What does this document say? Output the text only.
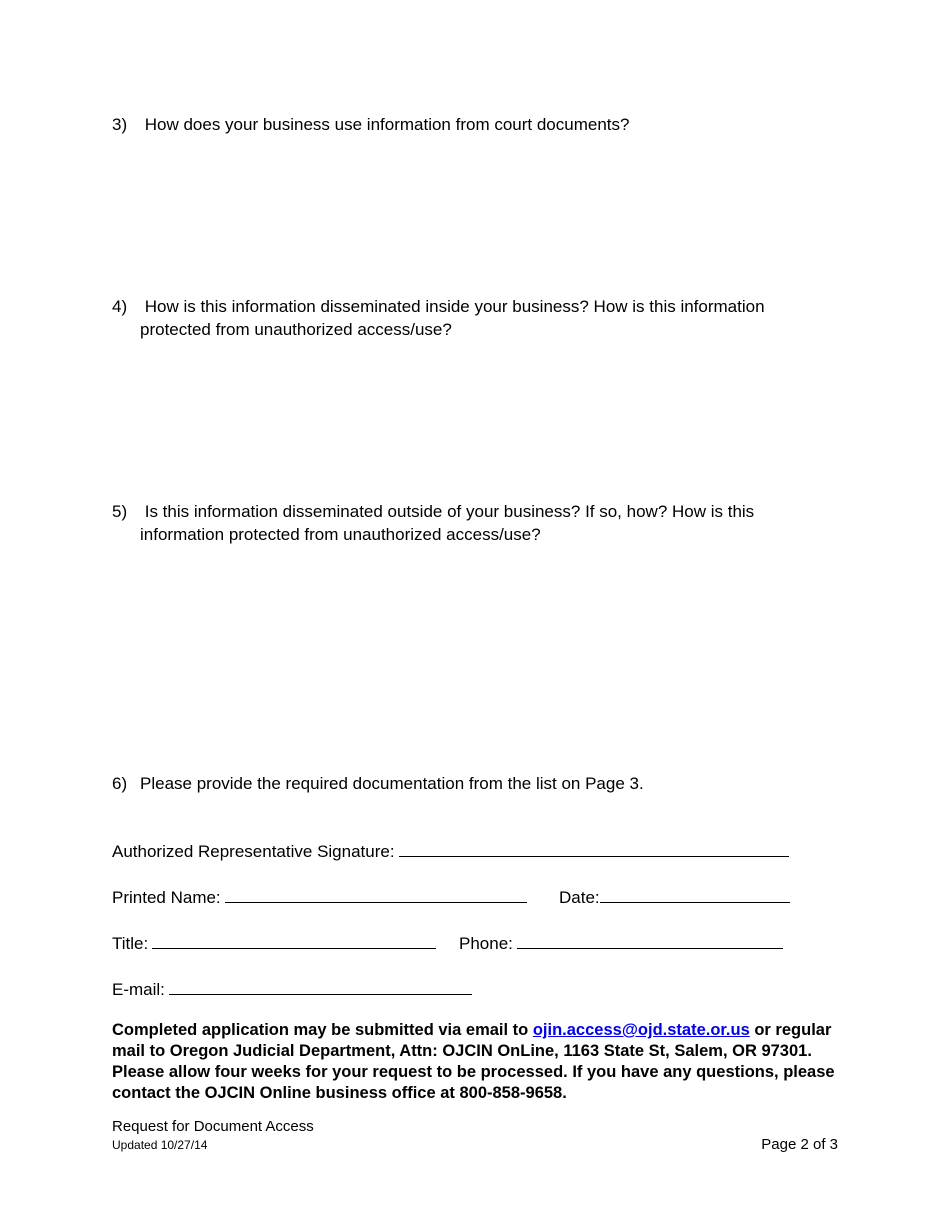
3) How does your business use information from court documents?
4) How is this information disseminated inside your business? How is this information
protected from unauthorized access/use?
5) Is this information disseminated outside of your business? If so, how? How is this
information protected from unauthorized access/use?
6) Please provide the required documentation from the list on Page 3.
Authorized Representative Signature:
Printed Name:	Date:
Title:	Phone:
E-mail:
Completed application may be submitted via email to ojin.access@ojd.state.or.us or regular mail to Oregon Judicial Department, Attn: OJCIN OnLine, 1163 State St, Salem, OR 97301. Please allow four weeks for your request to be processed. If you have any questions, please contact the OJCIN Online business office at 800-858-9658.
Request for Document Access
Updated 10/27/14	Page 2 of 3
